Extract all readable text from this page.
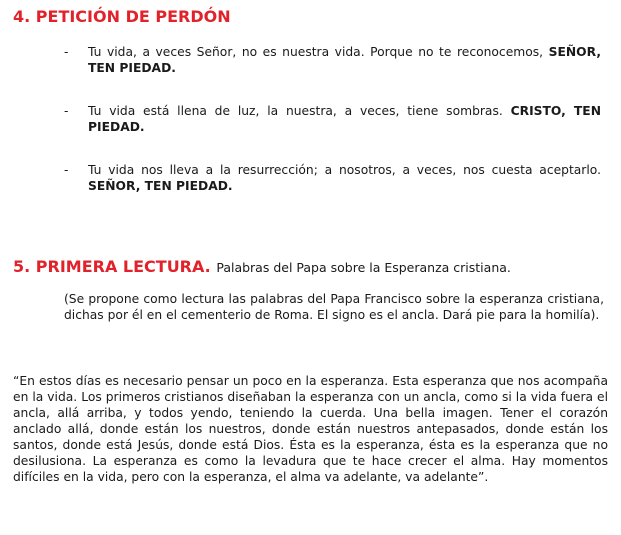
4. PETICIÓN DE PERDÓN
- Tu vida, a veces Señor, no es nuestra vida. Porque no te reconocemos, SEÑOR, TEN PIEDAD.
- Tu vida está llena de luz, la nuestra, a veces, tiene sombras. CRISTO, TEN PIEDAD.
- Tu vida nos lleva a la resurrección; a nosotros, a veces, nos cuesta aceptarlo. SEÑOR, TEN PIEDAD.
5. PRIMERA LECTURA. Palabras del Papa sobre la Esperanza cristiana.

(Se propone como lectura las palabras del Papa Francisco sobre la esperanza cristiana, dichas por él en el cementerio de Roma. El signo es el ancla. Dará pie para la homilía).

“En estos días es necesario pensar un poco en la esperanza. Esta esperanza que nos acompaña en la vida. Los primeros cristianos diseñaban la esperanza con un ancla, como si la vida fuera el ancla, allá arriba, y todos yendo, teniendo la cuerda. Una bella imagen. Tener el corazón anclado allá, donde están los nuestros, donde están nuestros antepasados, donde están los santos, donde está Jesús, donde está Dios. Ésta es la esperanza, ésta es la esperanza que no desilusiona. La esperanza es como la levadura que te hace crecer el alma. Hay momentos difíciles en la vida, pero con la esperanza, el alma va adelante, va adelante”.
